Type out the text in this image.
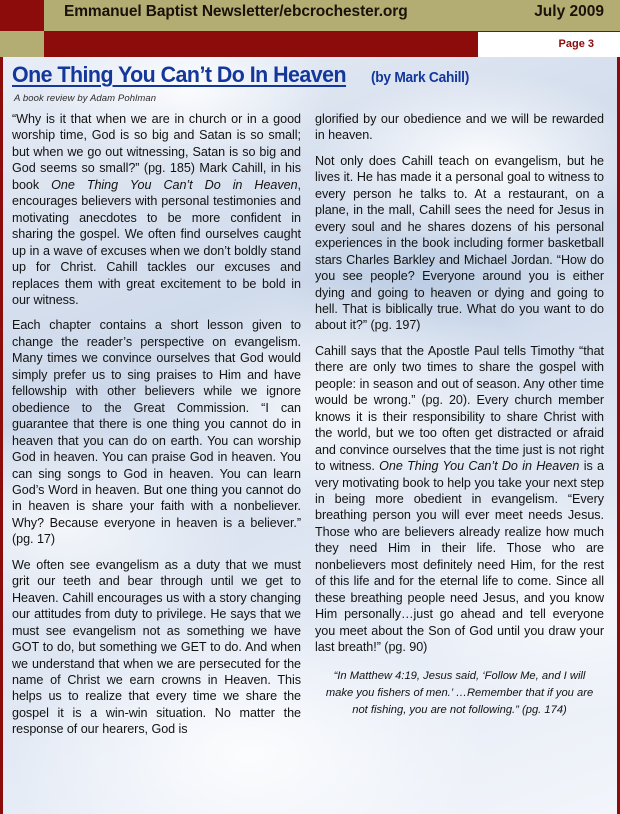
Emmanuel Baptist Newsletter/ebcrochester.org	July 2009
Page 3
One Thing You Can’t Do In Heaven (by Mark Cahill)
A book review by Adam Pohlman

“Why is it that when we are in church or in a good worship time, God is so big and Satan is so small; but when we go out witnessing, Satan is so big and God seems so small?” (pg. 185) Mark Cahill, in his book One Thing You Can’t Do in Heaven, encourages believers with personal testimonies and motivating anecdotes to be more confident in sharing the gospel. We often find ourselves caught up in a wave of excuses when we don’t boldly stand up for Christ. Cahill tackles our excuses and replaces them with great excitement to be bold in our witness.

Each chapter contains a short lesson given to change the reader’s perspective on evangelism. Many times we convince ourselves that God would simply prefer us to sing praises to Him and have fellowship with other believers while we ignore obedience to the Great Commission. “I can guarantee that there is one thing you cannot do in heaven that you can do on earth. You can worship God in heaven. You can praise God in heaven. You can sing songs to God in heaven. You can learn God’s Word in heaven. But one thing you cannot do in heaven is share your faith with a nonbeliever. Why? Because everyone in heaven is a believer.” (pg. 17)

We often see evangelism as a duty that we must grit our teeth and bear through until we get to Heaven. Cahill encourages us with a story changing our attitudes from duty to privilege. He says that we must see evangelism not as something we have GOT to do, but something we GET to do. And when we understand that when we are persecuted for the name of Christ we earn crowns in Heaven. This helps us to realize that every time we share the gospel it is a win-win situation. No matter the response of our hearers, God is

glorified by our obedience and we will be rewarded in heaven.

Not only does Cahill teach on evangelism, but he lives it. He has made it a personal goal to witness to every person he talks to. At a restaurant, on a plane, in the mall, Cahill sees the need for Jesus in every soul and he shares dozens of his personal experiences in the book including former basketball stars Charles Barkley and Michael Jordan. “How do you see people? Everyone around you is either dying and going to heaven or dying and going to hell. That is biblically true. What do you want to do about it?” (pg. 197)

Cahill says that the Apostle Paul tells Timothy “that there are only two times to share the gospel with people: in season and out of season. Any other time would be wrong.” (pg. 20). Every church member knows it is their responsibility to share Christ with the world, but we too often get distracted or afraid and convince ourselves that the time just is not right to witness. One Thing You Can’t Do in Heaven is a very motivating book to help you take your next step in being more obedient in evangelism. “Every breathing person you will ever meet needs Jesus. Those who are believers already realize how much they need Him in their life. Those who are nonbelievers most definitely need Him, for the rest of this life and for the eternal life to come. Since all these breathing people need Jesus, and you know Him personally…just go ahead and tell everyone you meet about the Son of God until you draw your last breath!” (pg. 90)

“In Matthew 4:19, Jesus said, ‘Follow Me, and I will make you fishers of men.’ …Remember that if you are not fishing, you are not following.” (pg. 174)
